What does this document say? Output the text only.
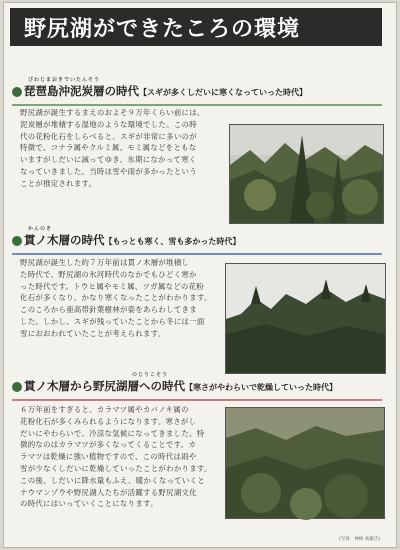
野尻湖ができたころの環境
びわじまおきでいたんそう
琵琶島沖泥炭層の時代【スギが多くしだいに寒くなっていった時代】
野尻湖が誕生するまえのおよそ９万年くらい前には、
泥炭層が堆積する湿地のような環境でした。この時
代の花粉化石をしらべると、スギが非常に多いのが
特徴で、コナラ属やクルミ属、モミ属などをともな
いますがしだいに減ってゆき、氷期になかって寒く
なっていきました。当時は雪や雨が多かったという
ことが推定されます。
かんのき
貫ノ木層の時代【もっとも寒く、雪も多かった時代】
野尻湖が誕生した約７万年前は貫ノ木層が堆積し
た時代で、野尻湖の氷河時代のなかでもひどく寒か
った時代です。トウヒ属やモミ属、ツガ属などの花粉
化石が多くなり、かなり寒くなったことがわかります。
このころから亜高帯針葉樹林が姿をあらわしてきま
した。しかし、スギが残っていたことから冬には一面
雪におおわれていたことが考えられます。
のじりこそう
貫ノ木層から野尻湖層への時代【寒さがやわらいで乾燥していった時代】
６万年前をすぎると、カラマツ属やカバノキ属の
花粉化石が多くみられるようになります。寒さがし
だいにやわらいで、冷涼な気候になってきました。特
徴的なのはカラマツが多くなってくることです。カ
ラマツは乾燥に強い植物ですので、この時代は雨や
雪が少なくしだいに乾燥していったことがわかります。
この後、しだいに降水量もふえ、暖かくなっていくと
ナウマンゾウや野尻湖人たちが活躍する野尻湖文化
の時代にはいっていくことになります。
(写真：神林 高雄氏)
